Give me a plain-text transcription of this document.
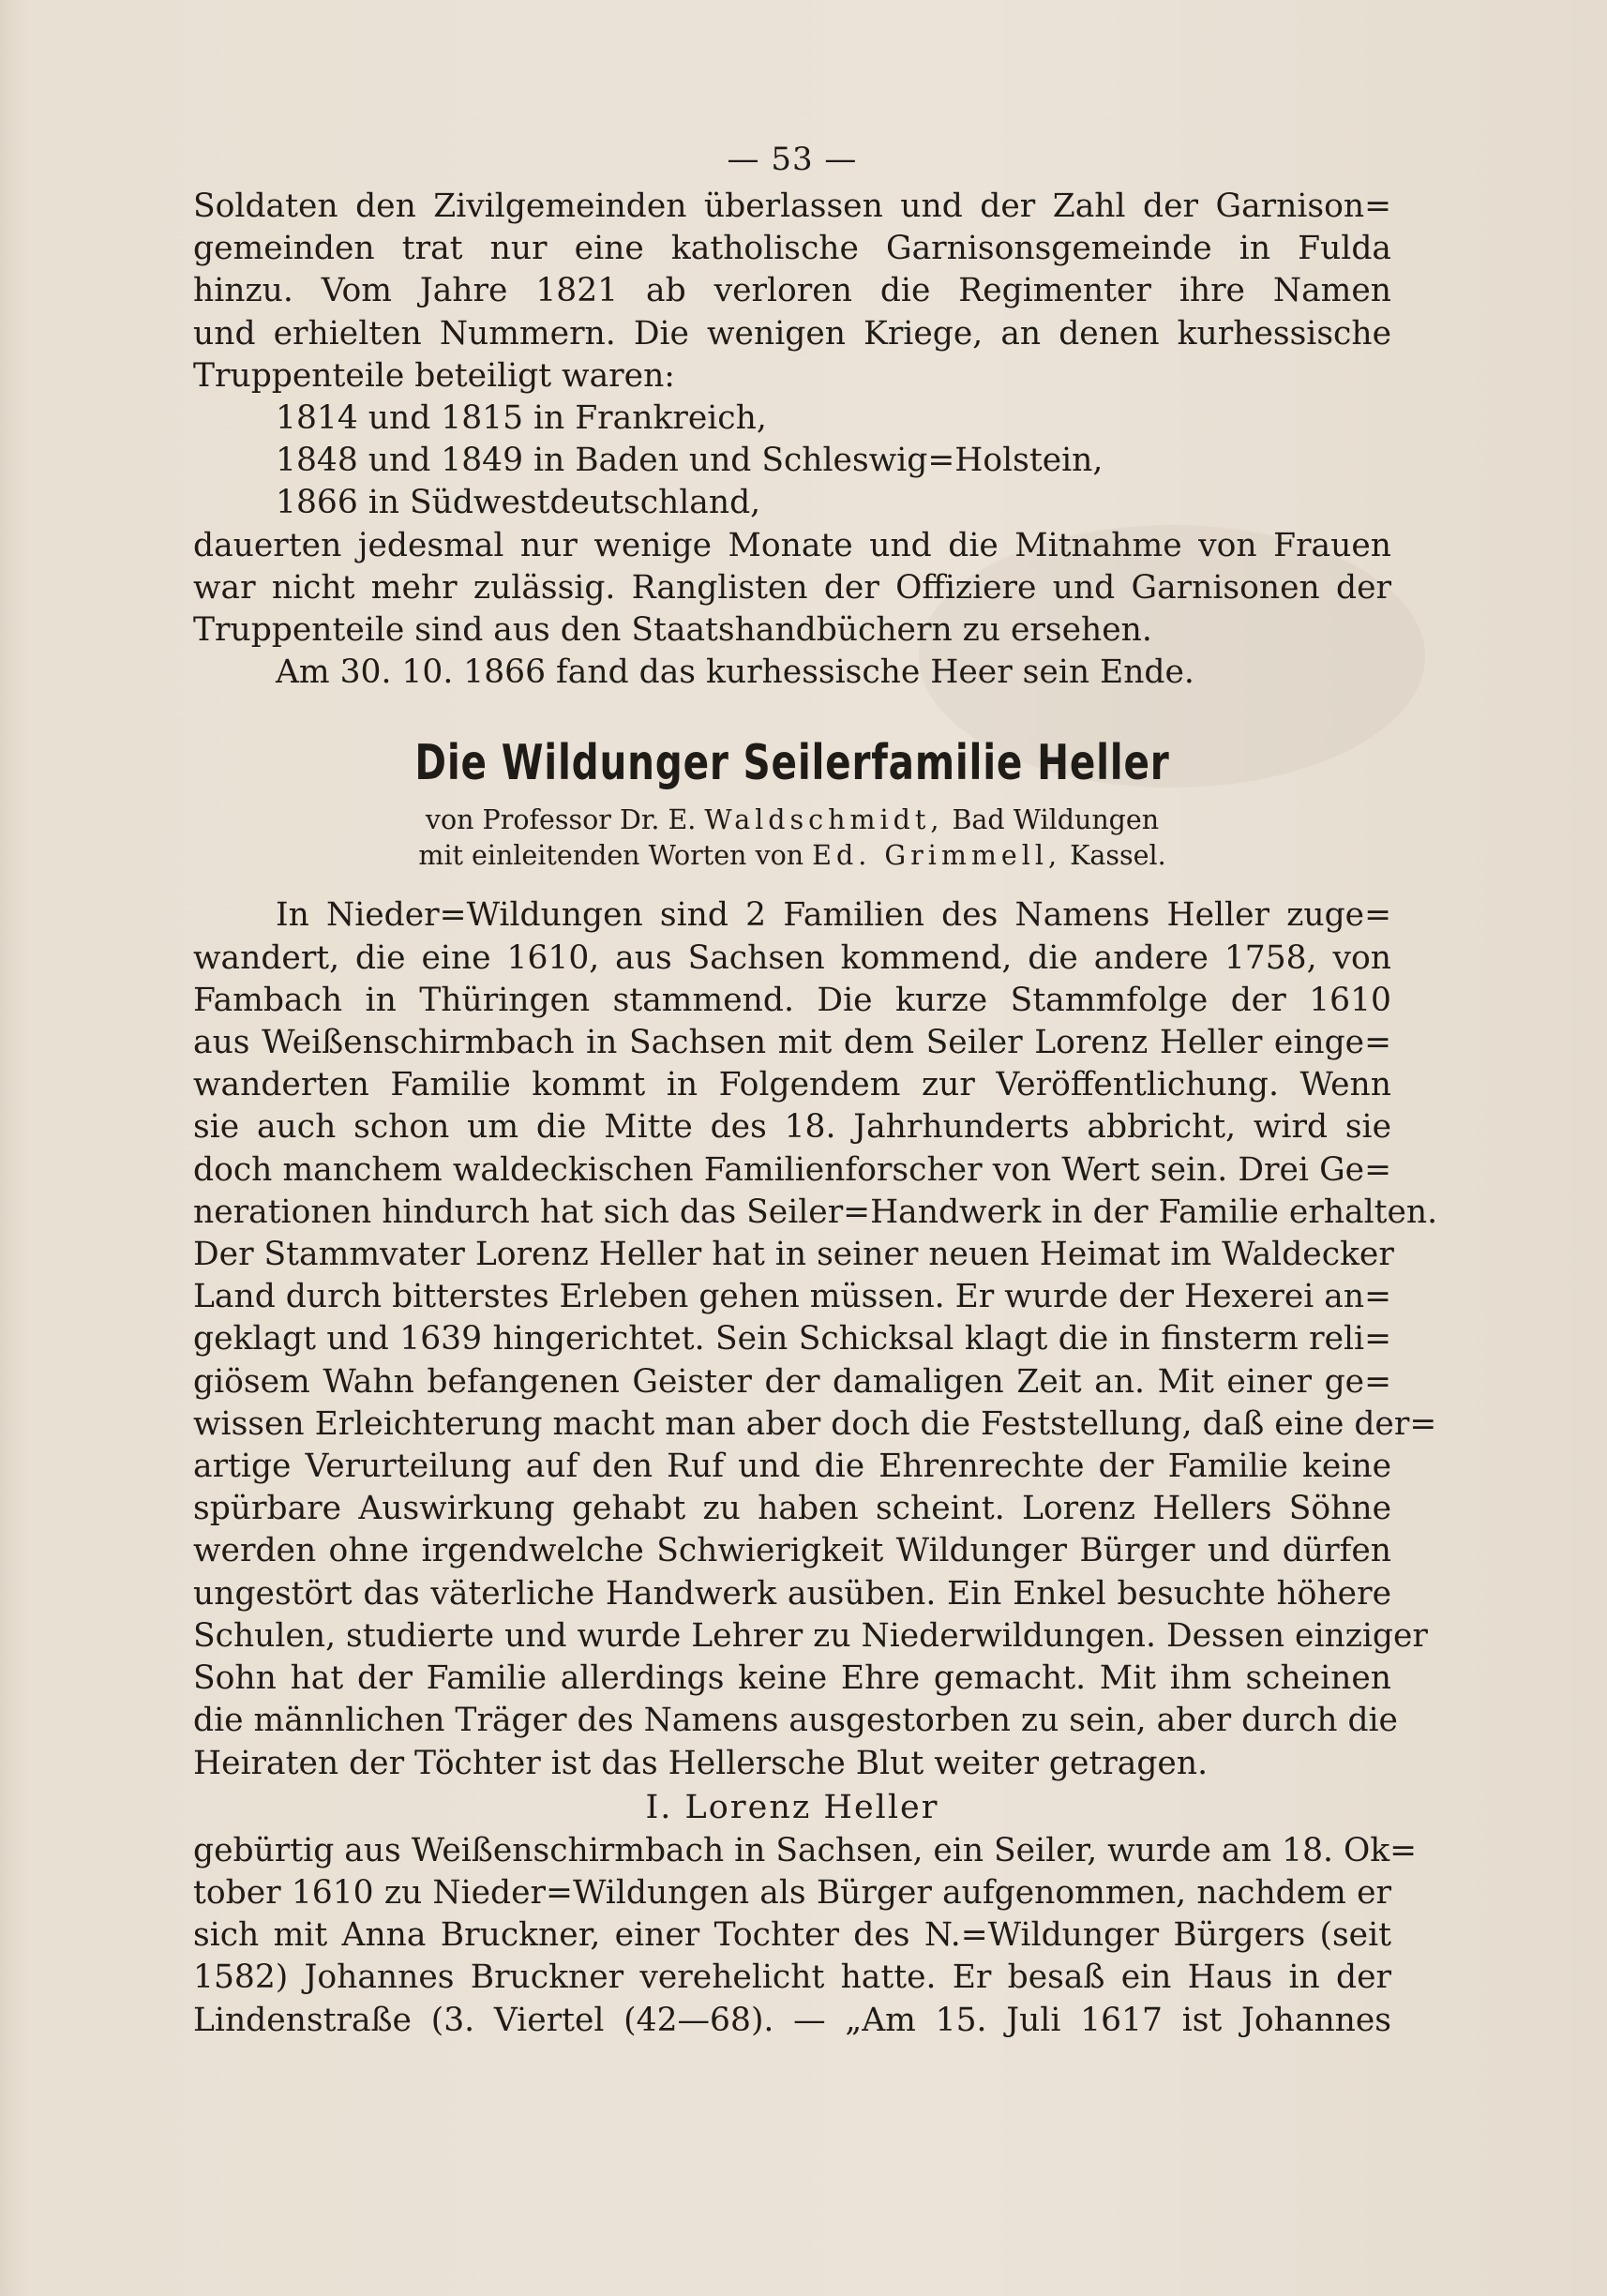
— 53 —
Soldaten den Zivilgemeinden überlassen und der Zahl der Garnison=
gemeinden trat nur eine katholische Garnisonsgemeinde in Fulda
hinzu. Vom Jahre 1821 ab verloren die Regimenter ihre Namen
und erhielten Nummern. Die wenigen Kriege, an denen kurhessische
Truppenteile beteiligt waren:
1814 und 1815 in Frankreich,
1848 und 1849 in Baden und Schleswig=Holstein,
1866 in Südwestdeutschland,
dauerten jedesmal nur wenige Monate und die Mitnahme von Frauen
war nicht mehr zulässig. Ranglisten der Offiziere und Garnisonen der
Truppenteile sind aus den Staatshandbüchern zu ersehen.
Am 30. 10. 1866 fand das kurhessische Heer sein Ende.
Die Wildunger Seilerfamilie Heller
von Professor Dr. E. Waldschmidt, Bad Wildungen
mit einleitenden Worten von Ed. Grimmell, Kassel.
In Nieder=Wildungen sind 2 Familien des Namens Heller zuge=
wandert, die eine 1610, aus Sachsen kommend, die andere 1758, von
Fambach in Thüringen stammend. Die kurze Stammfolge der 1610
aus Weißenschirmbach in Sachsen mit dem Seiler Lorenz Heller einge=
wanderten Familie kommt in Folgendem zur Veröffentlichung. Wenn
sie auch schon um die Mitte des 18. Jahrhunderts abbricht, wird sie
doch manchem waldeckischen Familienforscher von Wert sein. Drei Ge=
nerationen hindurch hat sich das Seiler=Handwerk in der Familie erhalten.
Der Stammvater Lorenz Heller hat in seiner neuen Heimat im Waldecker
Land durch bitterstes Erleben gehen müssen. Er wurde der Hexerei an=
geklagt und 1639 hingerichtet. Sein Schicksal klagt die in finsterm reli=
giösem Wahn befangenen Geister der damaligen Zeit an. Mit einer ge=
wissen Erleichterung macht man aber doch die Feststellung, daß eine der=
artige Verurteilung auf den Ruf und die Ehrenrechte der Familie keine
spürbare Auswirkung gehabt zu haben scheint. Lorenz Hellers Söhne
werden ohne irgendwelche Schwierigkeit Wildunger Bürger und dürfen
ungestört das väterliche Handwerk ausüben. Ein Enkel besuchte höhere
Schulen, studierte und wurde Lehrer zu Niederwildungen. Dessen einziger
Sohn hat der Familie allerdings keine Ehre gemacht. Mit ihm scheinen
die männlichen Träger des Namens ausgestorben zu sein, aber durch die
Heiraten der Töchter ist das Hellersche Blut weiter getragen.
I. Lorenz Heller
gebürtig aus Weißenschirmbach in Sachsen, ein Seiler, wurde am 18. Ok=
tober 1610 zu Nieder=Wildungen als Bürger aufgenommen, nachdem er
sich mit Anna Bruckner, einer Tochter des N.=Wildunger Bürgers (seit
1582) Johannes Bruckner verehelicht hatte. Er besaß ein Haus in der
Lindenstraße (3. Viertel (42—68). — „Am 15. Juli 1617 ist Johannes
